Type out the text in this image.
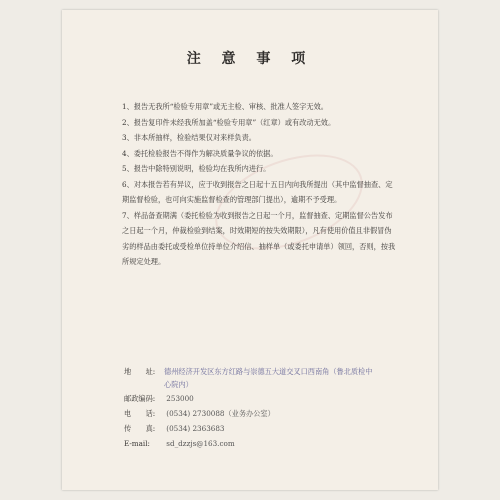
注 意 事 项
1、报告无我所“检验专用章”或无主检、审核、批准人签字无效。
2、报告复印件未经我所加盖“检验专用章”（红章）或有改动无效。
3、非本所抽样，检验结果仅对来样负责。
4、委托检验报告不得作为解决质量争议的依据。
5、报告中除特别说明，检验均在我所内进行。
6、对本报告若有异议，应于收到报告之日起十五日内向我所提出（其中监督抽查、定期监督检验，也可向实施监督检查的管理部门提出），逾期不予受理。
7、样品备查期满（委托检验为收到报告之日起一个月，监督抽查、定期监督公告发布之日起一个月，仲裁检验到结案，时效期短的按失效期限），凡有使用价值且非假冒伪劣的样品由委托或受检单位持单位介绍信、抽样单（或委托申请单）领回，否则，按我所规定处理。
地　　址:	德州经济开发区东方红路与崇德五大道交叉口西南角（鲁北质检中心院内）
邮政编码: 253000
电　　话: (0534) 2730088（业务办公室）
传　　真: (0534) 2363683
E-mail: sd_dzzjs@163.com
